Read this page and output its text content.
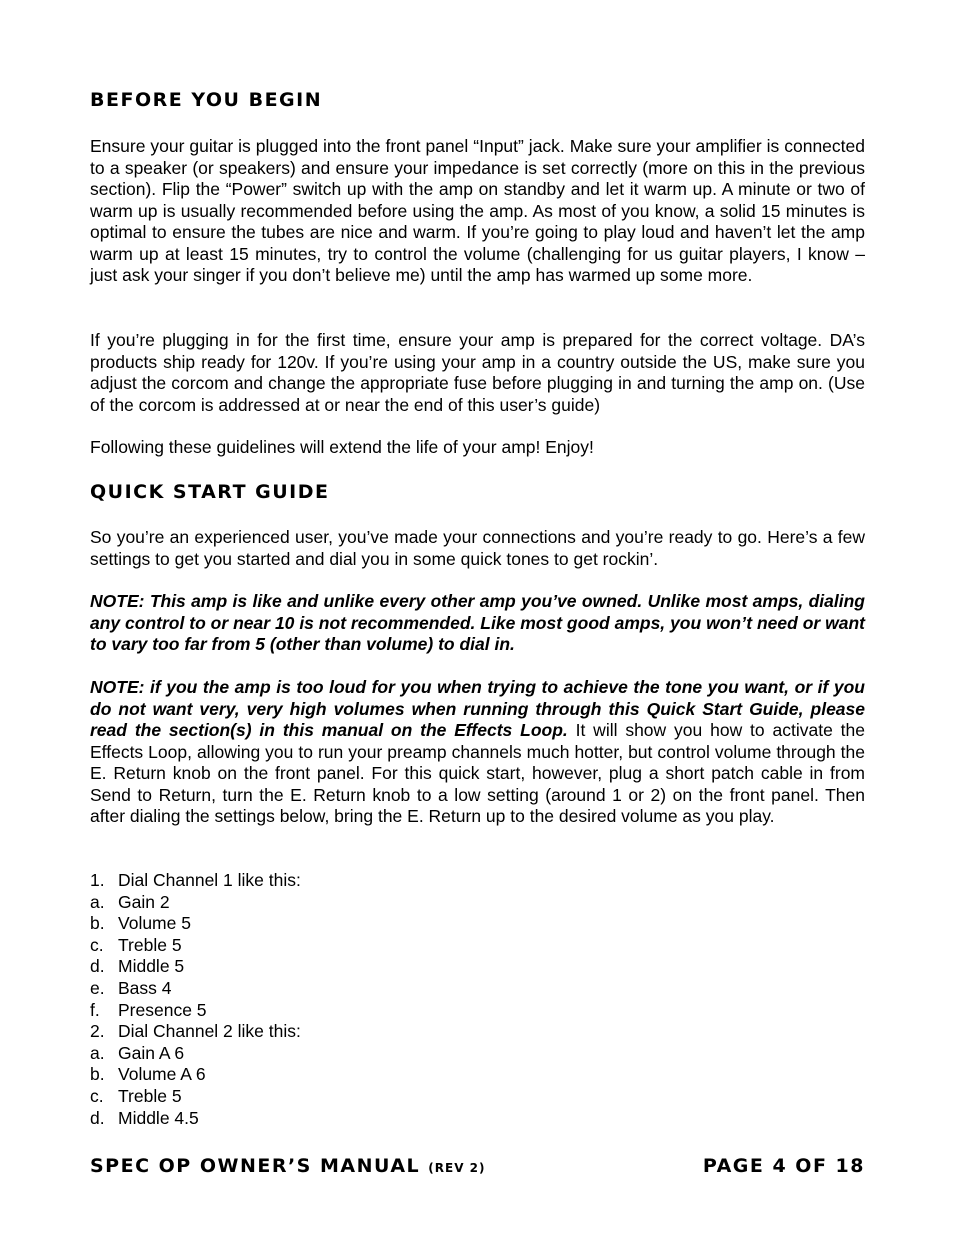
BEFORE YOU BEGIN

Ensure your guitar is plugged into the front panel “Input” jack. Make sure your amplifier is connected to a speaker (or speakers) and ensure your impedance is set correctly (more on this in the previous section). Flip the “Power” switch up with the amp on standby and let it warm up. A minute or two of warm up is usually recommended before using the amp. As most of you know, a solid 15 minutes is optimal to ensure the tubes are nice and warm. If you’re going to play loud and haven’t let the amp warm up at least 15 minutes, try to control the volume (challenging for us guitar players, I know – just ask your singer if you don’t believe me) until the amp has warmed up some more.

If you’re plugging in for the first time, ensure your amp is prepared for the correct voltage. DA’s products ship ready for 120v. If you’re using your amp in a country outside the US, make sure you adjust the corcom and change the appropriate fuse before plugging in and turning the amp on. (Use of the corcom is addressed at or near the end of this user’s guide)

Following these guidelines will extend the life of your amp! Enjoy!

QUICK START GUIDE

So you’re an experienced user, you’ve made your connections and you’re ready to go. Here’s a few settings to get you started and dial you in some quick tones to get rockin’.

NOTE: This amp is like and unlike every other amp you’ve owned. Unlike most amps, dialing any control to or near 10 is not recommended. Like most good amps, you won’t need or want to vary too far from 5 (other than volume) to dial in.

NOTE: if you the amp is too loud for you when trying to achieve the tone you want, or if you do not want very, very high volumes when running through this Quick Start Guide, please read the section(s) in this manual on the Effects Loop. It will show you how to activate the Effects Loop, allowing you to run your preamp channels much hotter, but control volume through the E. Return knob on the front panel. For this quick start, however, plug a short patch cable in from Send to Return, turn the E. Return knob to a low setting (around 1 or 2) on the front panel. Then after dialing the settings below, bring the E. Return up to the desired volume as you play.

1. Dial Channel 1 like this:
a. Gain 2
b. Volume 5
c. Treble 5
d. Middle 5
e. Bass 4
f.	Presence 5
2. Dial Channel 2 like this:
a. Gain A 6
b. Volume A 6
c. Treble 5
d. Middle 4.5
SPEC OP OWNER’S MANUAL (REV 2)	PAGE 4 OF 18
